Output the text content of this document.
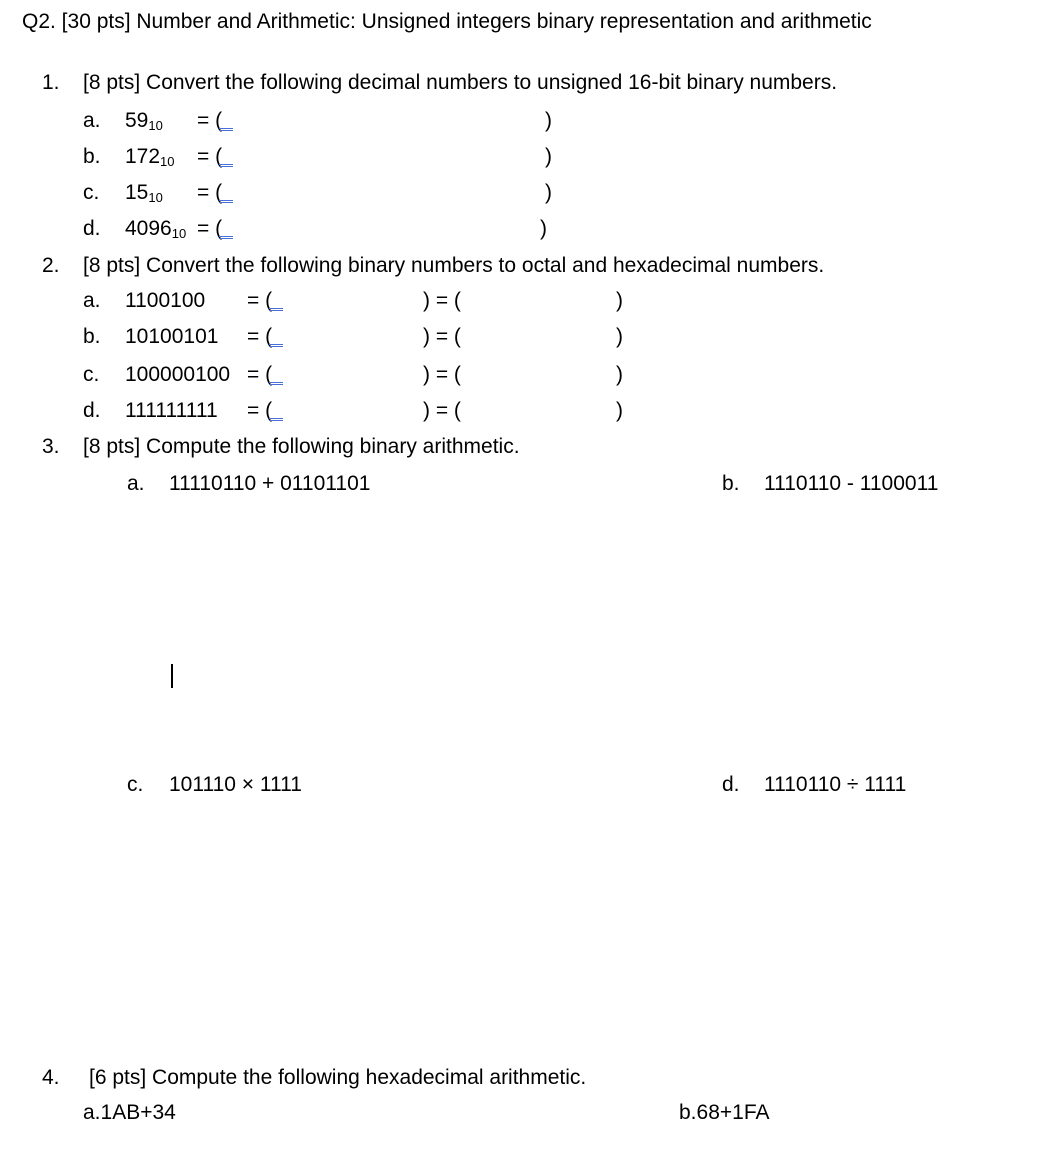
Q2. [30 pts] Number and Arithmetic: Unsigned integers binary representation and arithmetic
1. [8 pts] Convert the following decimal numbers to unsigned 16-bit binary numbers.
a. $59_{10}$ = (	)
b. $172_{10}$ = (	)
c. $15_{10}$ = (	)
d. $4096_{10}$ = (	)
2. [8 pts] Convert the following binary numbers to octal and hexadecimal numbers.
a. 1100100 = (	) = (	)
b. 10100101 = (	) = (	)
c. 100000100 = (	) = (	)
d. 111111111 = (	) = (	)
3. [8 pts] Compute the following binary arithmetic.
a. 11110110 + 01101101	b. 1110110 - 1100011
c. 101110 × 1111	d. 1110110 ÷ 1111
4. [6 pts] Compute the following hexadecimal arithmetic.
a.1AB+34	b.68+1FA
